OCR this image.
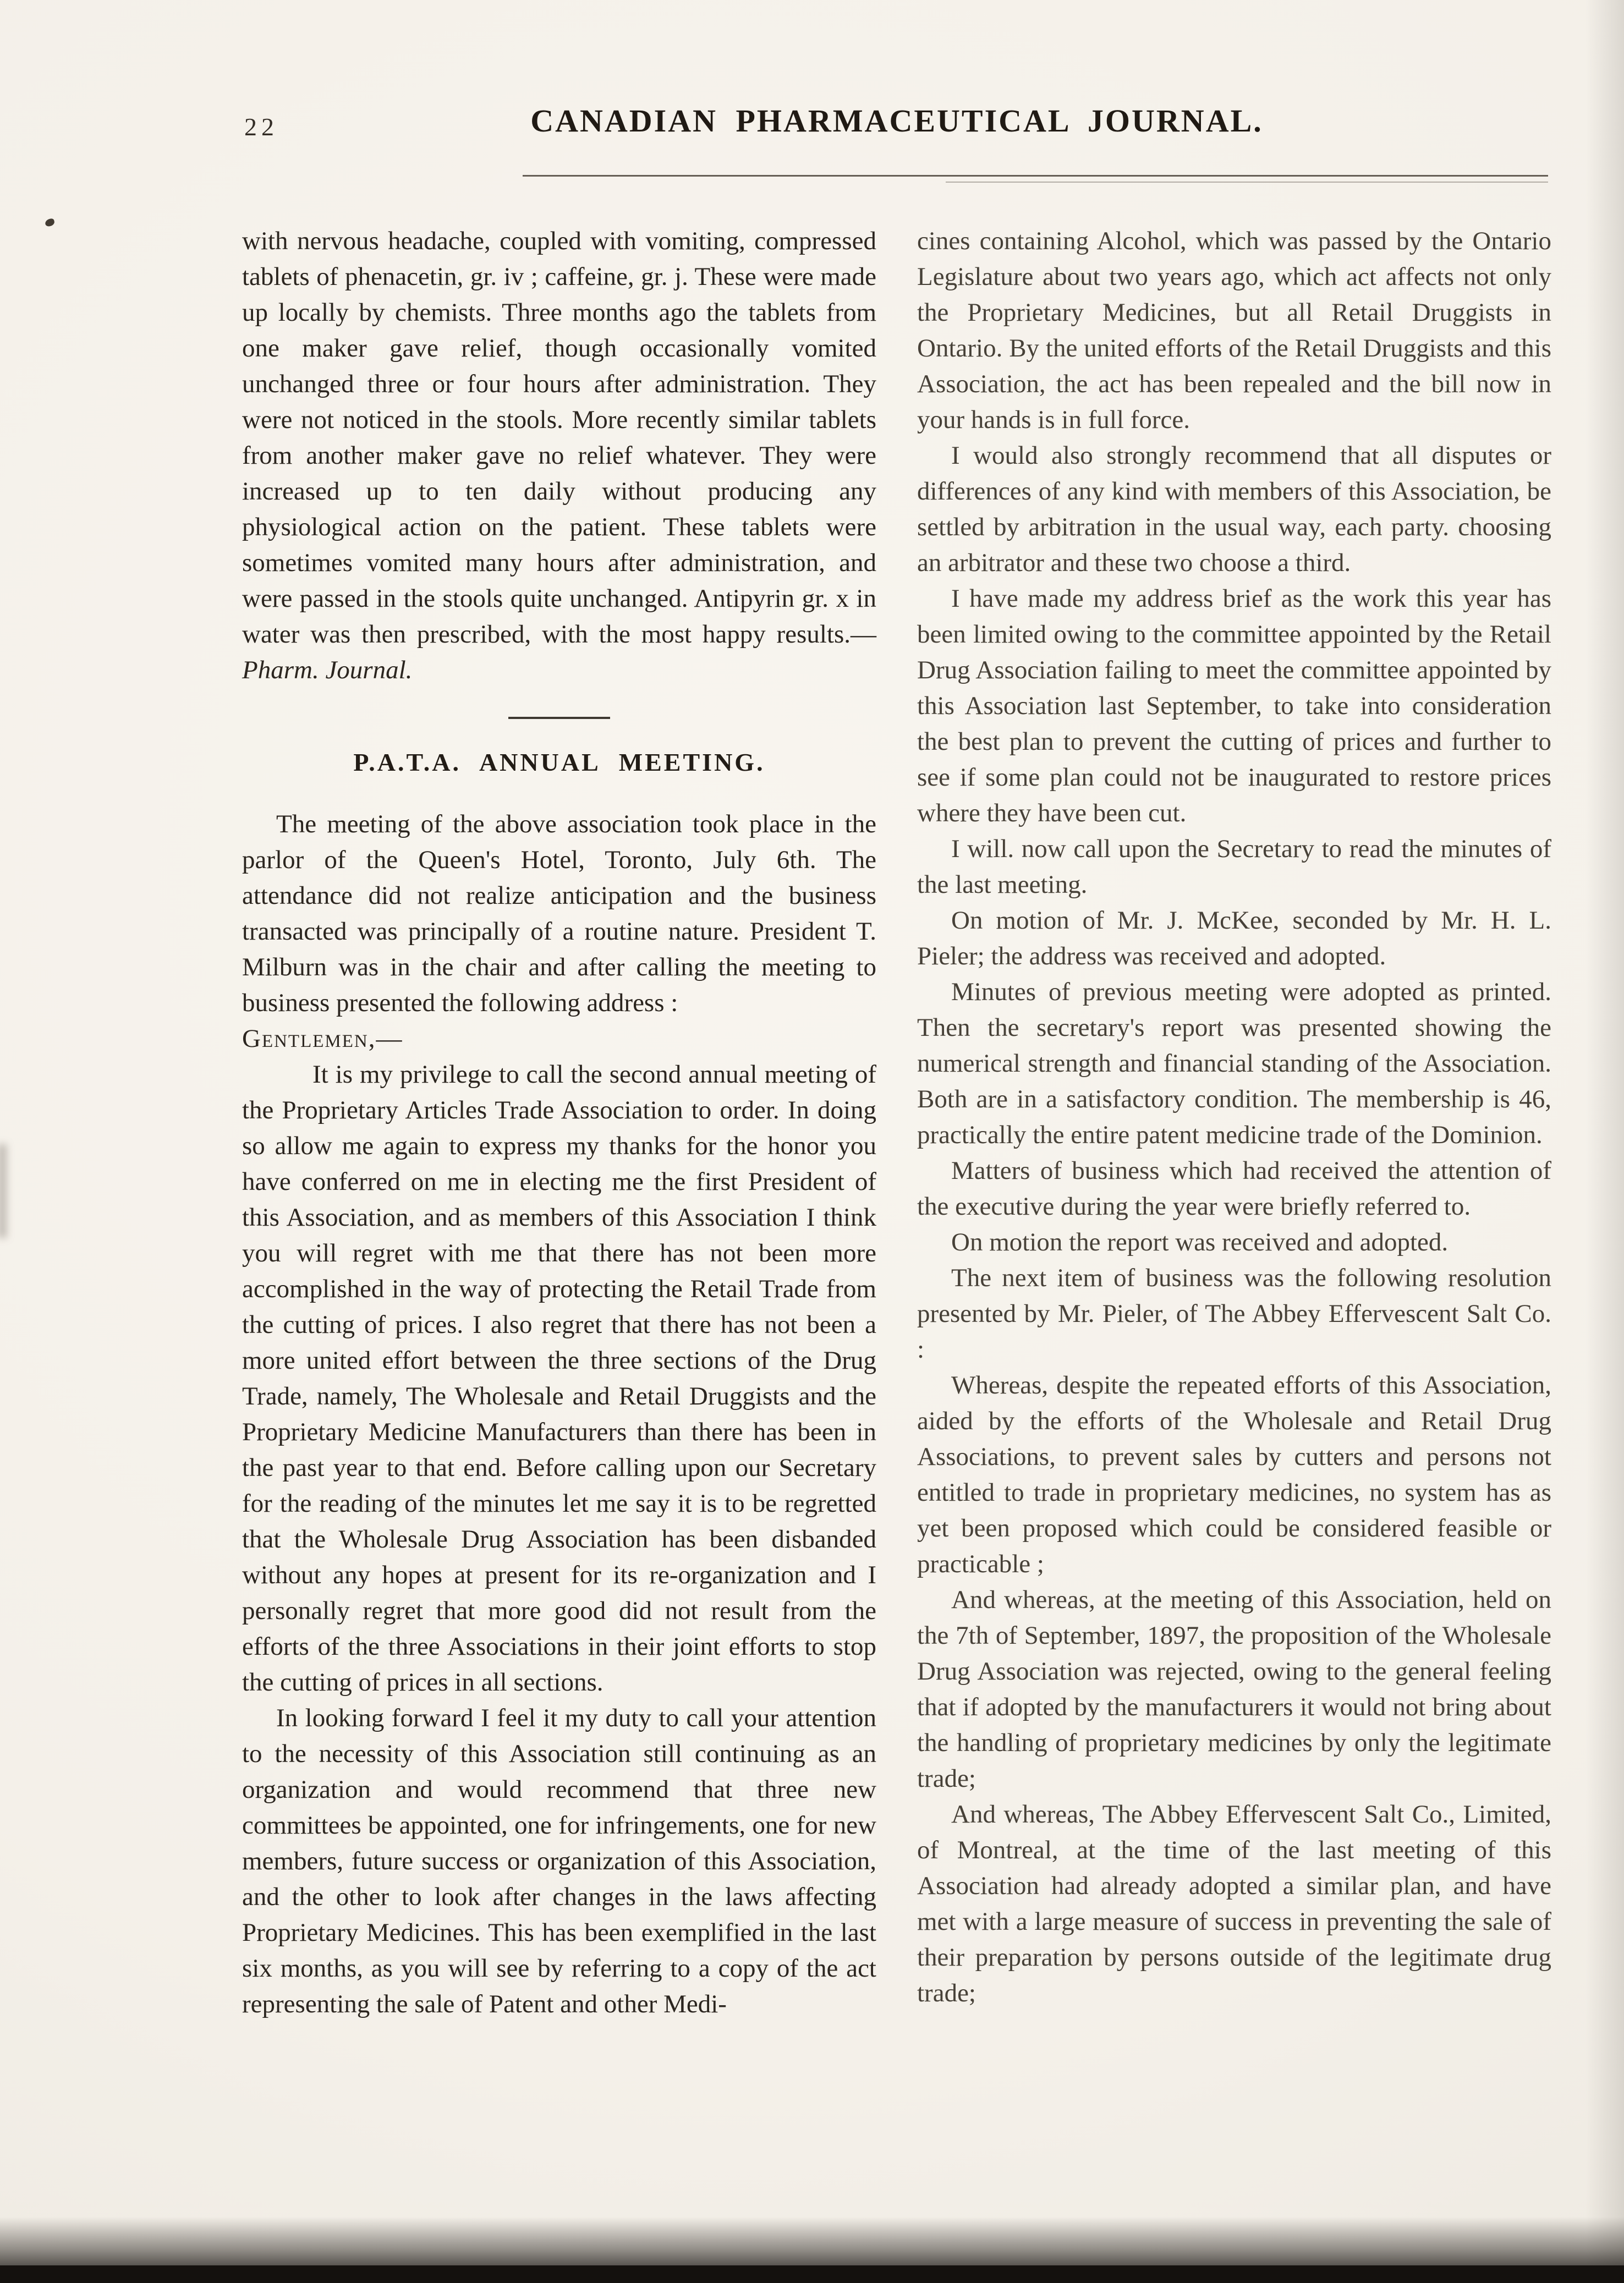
22	CANADIAN PHARMACEUTICAL JOURNAL.

with nervous headache, coupled with vomiting, compressed tablets of phenacetin, gr. iv ; caffeine, gr. j. These were made up locally by chemists. Three months ago the tablets from one maker gave relief, though occasionally vomited unchanged three or four hours after administration. They were not noticed in the stools. More recently similar tablets from another maker gave no relief whatever. They were increased up to ten daily without producing any physiological action on the patient. These tablets were sometimes vomited many hours after administration, and were passed in the stools quite unchanged. Antipyrin gr. x in water was then prescribed, with the most happy results.—Pharm. Journal.

P.A.T.A. ANNUAL MEETING.

The meeting of the above association took place in the parlor of the Queen's Hotel, Toronto, July 6th. The attendance did not realize anticipation and the business transacted was principally of a routine nature. President T. Milburn was in the chair and after calling the meeting to business presented the following address :

Gentlemen,—

It is my privilege to call the second annual meeting of the Proprietary Articles Trade Association to order. In doing so allow me again to express my thanks for the honor you have conferred on me in electing me the first President of this Association, and as members of this Association I think you will regret with me that there has not been more accomplished in the way of protecting the Retail Trade from the cutting of prices. I also regret that there has not been a more united effort between the three sections of the Drug Trade, namely, The Wholesale and Retail Druggists and the Proprietary Medicine Manufacturers than there has been in the past year to that end. Before calling upon our Secretary for the reading of the minutes let me say it is to be regretted that the Wholesale Drug Association has been disbanded without any hopes at present for its re-organization and I personally regret that more good did not result from the efforts of the three Associations in their joint efforts to stop the cutting of prices in all sections.

In looking forward I feel it my duty to call your attention to the necessity of this Association still continuing as an organization and would recommend that three new committees be appointed, one for infringements, one for new members, future success or organization of this Association, and the other to look after changes in the laws affecting Proprietary Medicines. This has been exemplified in the last six months, as you will see by referring to a copy of the act representing the sale of Patent and other Medi-

cines containing Alcohol, which was passed by the Ontario Legislature about two years ago, which act affects not only the Proprietary Medicines, but all Retail Druggists in Ontario. By the united efforts of the Retail Druggists and this Association, the act has been repealed and the bill now in your hands is in full force.

I would also strongly recommend that all disputes or differences of any kind with members of this Association, be settled by arbitration in the usual way, each party. choosing an arbitrator and these two choose a third.

I have made my address brief as the work this year has been limited owing to the committee appointed by the Retail Drug Association failing to meet the committee appointed by this Association last September, to take into consideration the best plan to prevent the cutting of prices and further to see if some plan could not be inaugurated to restore prices where they have been cut.

I will. now call upon the Secretary to read the minutes of the last meeting.

On motion of Mr. J. McKee, seconded by Mr. H. L. Pieler; the address was received and adopted.

Minutes of previous meeting were adopted as printed. Then the secretary's report was presented showing the numerical strength and financial standing of the Association. Both are in a satisfactory condition. The membership is 46, practically the entire patent medicine trade of the Dominion.

Matters of business which had received the attention of the executive during the year were briefly referred to.

On motion the report was received and adopted.

The next item of business was the following resolution presented by Mr. Pieler, of The Abbey Effervescent Salt Co. :

Whereas, despite the repeated efforts of this Association, aided by the efforts of the Wholesale and Retail Drug Associations, to prevent sales by cutters and persons not entitled to trade in proprietary medicines, no system has as yet been proposed which could be considered feasible or practicable ;

And whereas, at the meeting of this Association, held on the 7th of September, 1897, the proposition of the Wholesale Drug Association was rejected, owing to the general feeling that if adopted by the manufacturers it would not bring about the handling of proprietary medicines by only the legitimate trade;

And whereas, The Abbey Effervescent Salt Co., Limited, of Montreal, at the time of the last meeting of this Association had already adopted a similar plan, and have met with a large measure of success in preventing the sale of their preparation by persons outside of the legitimate drug trade;
